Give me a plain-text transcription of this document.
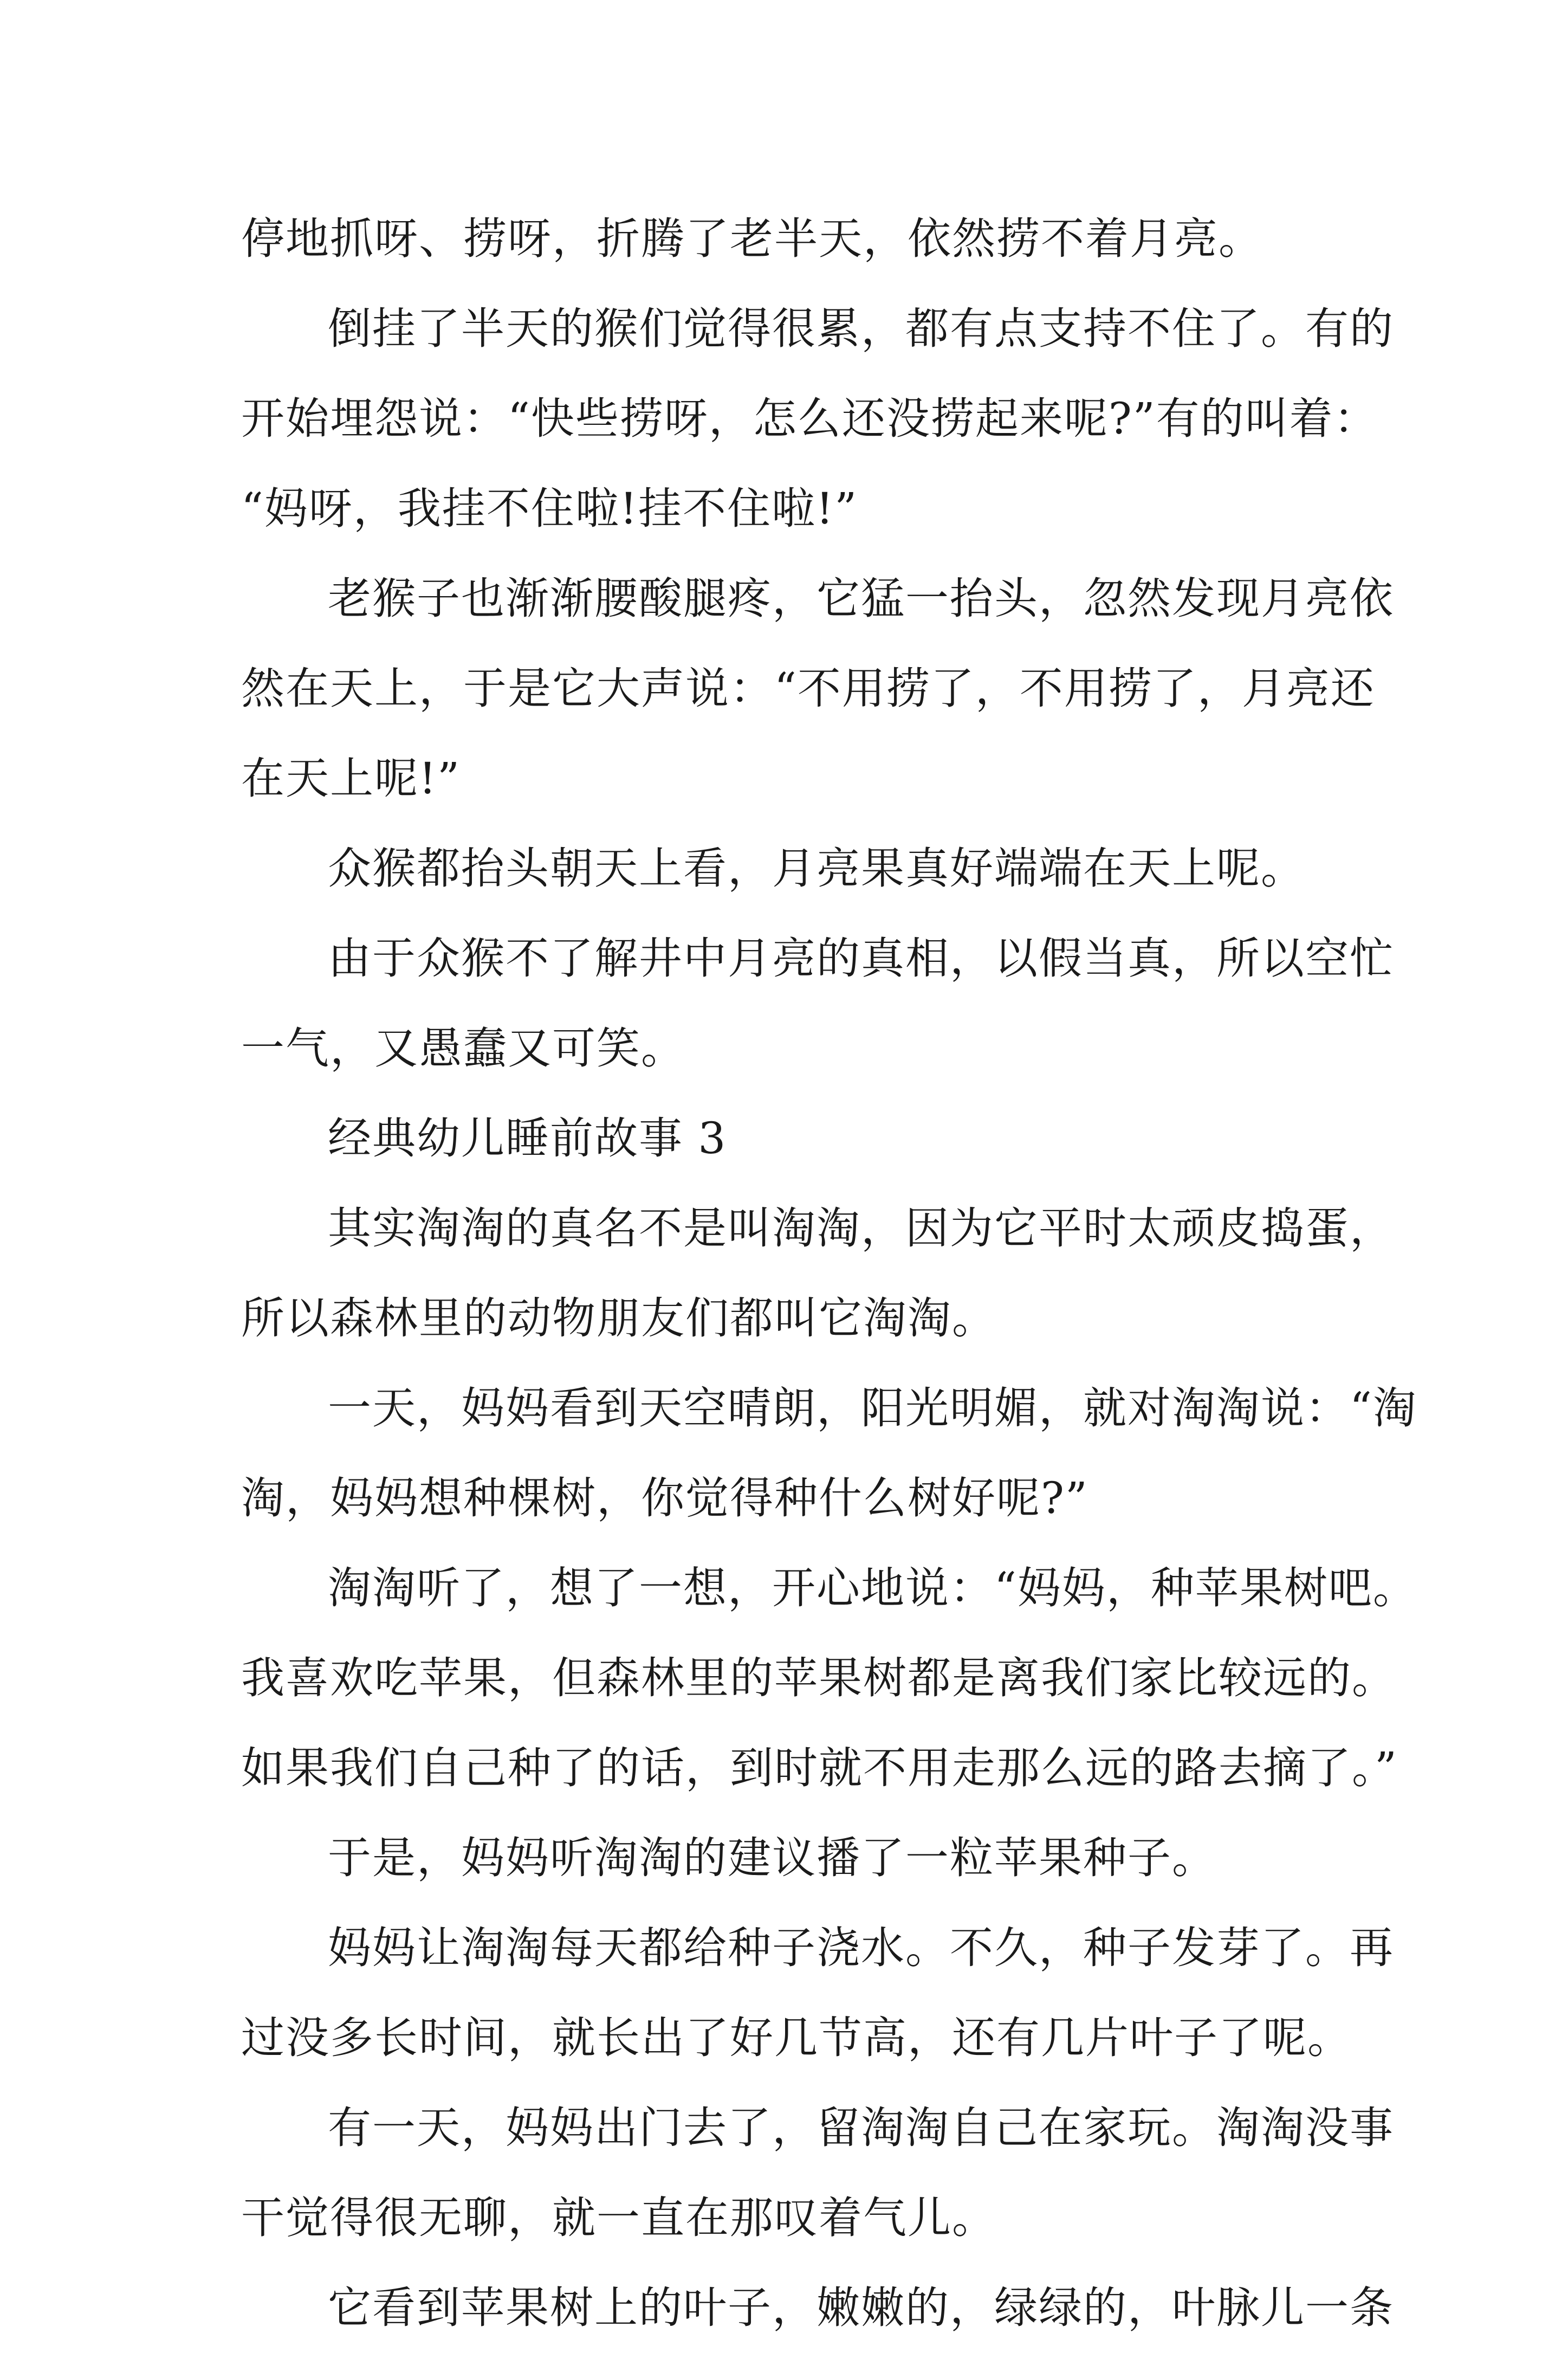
停地抓呀、捞呀，折腾了老半天，依然捞不着月亮。
倒挂了半天的猴们觉得很累，都有点支持不住了。有的
开始埋怨说：“快些捞呀，怎么还没捞起来呢?”有的叫着：
“妈呀，我挂不住啦!挂不住啦!”
老猴子也渐渐腰酸腿疼，它猛一抬头，忽然发现月亮依
然在天上，于是它大声说：“不用捞了，不用捞了，月亮还
在天上呢!”
众猴都抬头朝天上看，月亮果真好端端在天上呢。
由于众猴不了解井中月亮的真相，以假当真，所以空忙
一气，又愚蠢又可笑。
经典幼儿睡前故事 3
其实淘淘的真名不是叫淘淘，因为它平时太顽皮捣蛋，
所以森林里的动物朋友们都叫它淘淘。
一天，妈妈看到天空晴朗，阳光明媚，就对淘淘说：“淘
淘，妈妈想种棵树，你觉得种什么树好呢?”
淘淘听了，想了一想，开心地说：“妈妈，种苹果树吧。
我喜欢吃苹果，但森林里的苹果树都是离我们家比较远的。
如果我们自己种了的话，到时就不用走那么远的路去摘了。”
于是，妈妈听淘淘的建议播了一粒苹果种子。
妈妈让淘淘每天都给种子浇水。不久，种子发芽了。再
过没多长时间，就长出了好几节高，还有几片叶子了呢。
有一天，妈妈出门去了，留淘淘自己在家玩。淘淘没事
干觉得很无聊，就一直在那叹着气儿。
它看到苹果树上的叶子，嫩嫩的，绿绿的，叶脉儿一条
